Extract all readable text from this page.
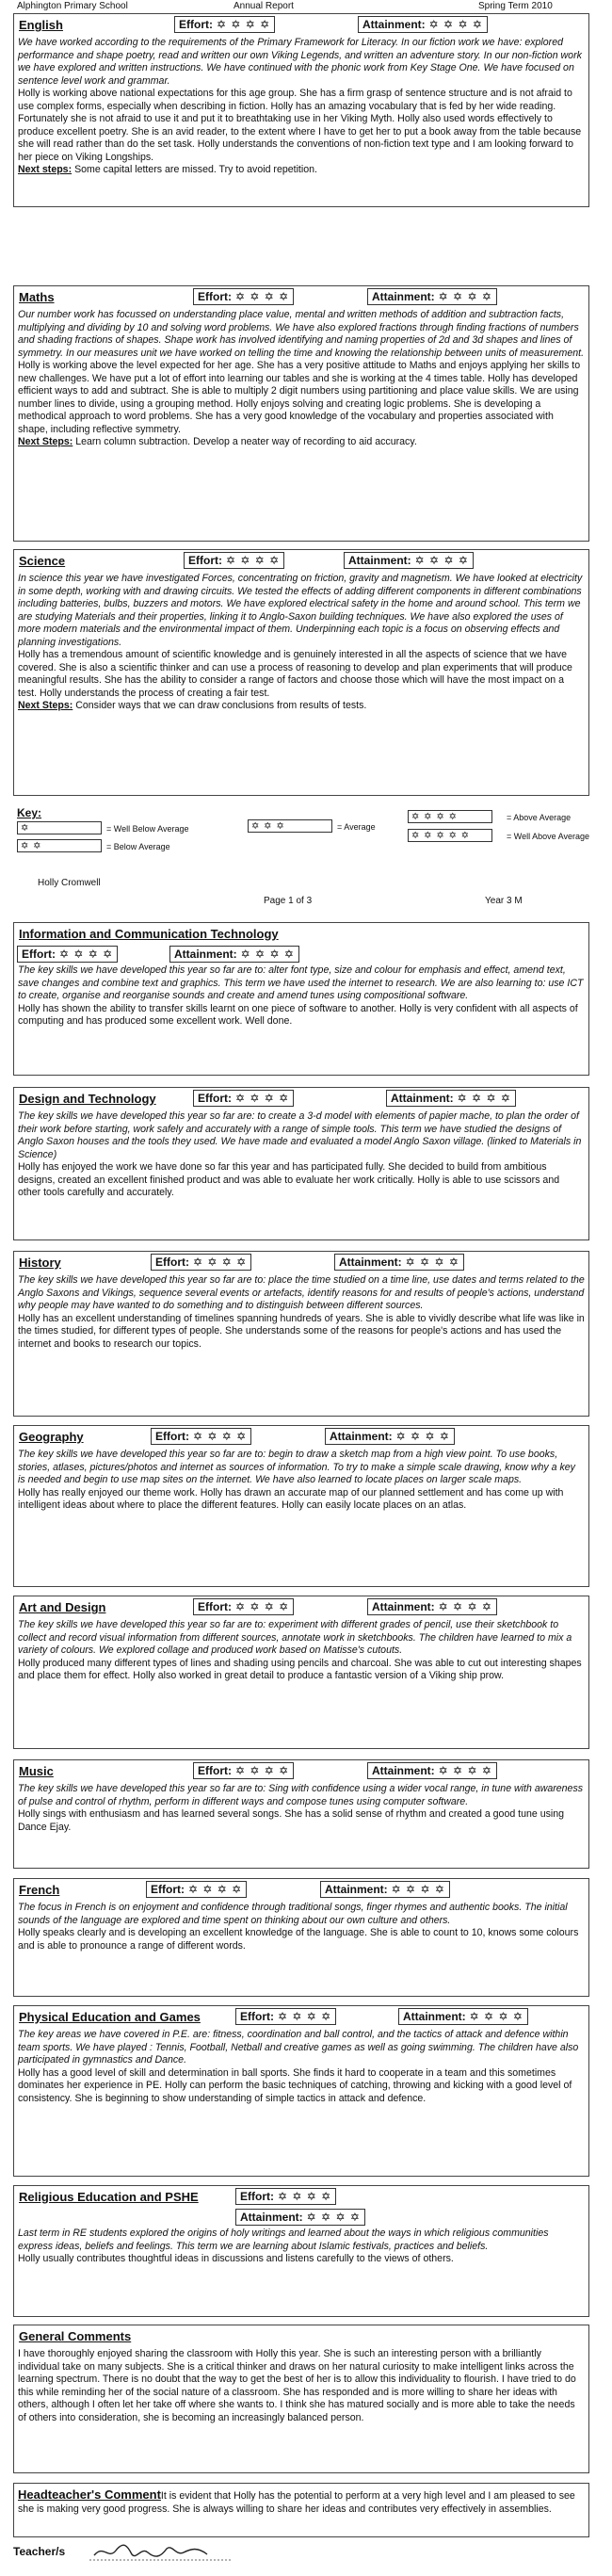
Alphington Primary School	Annual Report	Spring Term 2010
English	Effort: ✡ ✡ ✡ ✡	Attainment: ✡ ✡ ✡ ✡

We have worked according to the requirements of the Primary Framework for Literacy. In our fiction work we have: explored performance and shape poetry, read and written our own Viking Legends, and written an adventure story. In our non-fiction work we have explored and written instructions. We have continued with the phonic work from Key Stage One. We have focused on sentence level work and grammar.

Holly is working above national expectations for this age group. She has a firm grasp of sentence structure and is not afraid to use complex forms, especially when describing in fiction. Holly has an amazing vocabulary that is fed by her wide reading. Fortunately she is not afraid to use it and put it to breathtaking use in her Viking Myth. Holly also used words effectively to produce excellent poetry. She is an avid reader, to the extent where I have to get her to put a book away from the table because she will read rather than do the set task. Holly understands the conventions of non-fiction text type and I am looking forward to her piece on Viking Longships.

Next steps: Some capital letters are missed. Try to avoid repetition.

Maths	Effort: ✡ ✡ ✡ ✡	Attainment: ✡ ✡ ✡ ✡

Our number work has focussed on understanding place value, mental and written methods of addition and subtraction facts, multiplying and dividing by 10 and solving word problems. We have also explored fractions through finding fractions of numbers and shading fractions of shapes. Shape work has involved identifying and naming properties of 2d and 3d shapes and lines of symmetry. In our measures unit we have worked on telling the time and knowing the relationship between units of measurement.

Holly is working above the level expected for her age. She has a very positive attitude to Maths and enjoys applying her skills to new challenges. We have put a lot of effort into learning our tables and she is working at the 4 times table. Holly has developed efficient ways to add and subtract. She is able to multiply 2 digit numbers using partitioning and place value skills. We are using number lines to divide, using a grouping method. Holly enjoys solving and creating logic problems. She is developing a methodical approach to word problems. She has a very good knowledge of the vocabulary and properties associated with shape, including reflective symmetry.

Next Steps: Learn column subtraction. Develop a neater way of recording to aid accuracy.

Science	Effort: ✡ ✡ ✡ ✡	Attainment: ✡ ✡ ✡ ✡

In science this year we have investigated Forces, concentrating on friction, gravity and magnetism. We have looked at electricity in some depth, working with and drawing circuits. We tested the effects of adding different components in different combinations including batteries, bulbs, buzzers and motors. We have explored electrical safety in the home and around school. This term we are studying Materials and their properties, linking it to Anglo-Saxon building techniques. We have also explored the uses of more modern materials and the environmental impact of them. Underpinning each topic is a focus on observing effects and planning investigations.

Holly has a tremendous amount of scientific knowledge and is genuinely interested in all the aspects of science that we have covered. She is also a scientific thinker and can use a process of reasoning to develop and plan experiments that will produce meaningful results. She has the ability to consider a range of factors and choose those which will have the most impact on a test. Holly understands the process of creating a fair test.

Next Steps: Consider ways that we can draw conclusions from results of tests.

Key:
✡	= Well Below Average
✡ ✡	= Below Average
✡ ✡ ✡	= Average
✡ ✡ ✡ ✡	= Above Average
✡ ✡ ✡ ✡ ✡	= Well Above Average
Holly Cromwell
Page 1 of 3	Year 3 M
Information and Communication Technology
Effort: ✡ ✡ ✡ ✡	Attainment: ✡ ✡ ✡ ✡

The key skills we have developed this year so far are to: alter font type, size and colour for emphasis and effect, amend text, save changes and combine text and graphics. This term we have used the internet to research. We are also learning to: use ICT to create, organise and reorganise sounds and create and amend tunes using compositional software.

Holly has shown the ability to transfer skills learnt on one piece of software to another. Holly is very confident with all aspects of computing and has produced some excellent work. Well done.

Design and Technology	Effort: ✡ ✡ ✡ ✡	Attainment: ✡ ✡ ✡ ✡

The key skills we have developed this year so far are: to create a 3-d model with elements of papier mache, to plan the order of their work before starting, work safely and accurately with a range of simple tools. This term we have studied the designs of Anglo Saxon houses and the tools they used. We have made and evaluated a model Anglo Saxon village. (linked to Materials in Science)

Holly has enjoyed the work we have done so far this year and has participated fully. She decided to build from ambitious designs, created an excellent finished product and was able to evaluate her work critically. Holly is able to use scissors and other tools carefully and accurately.

History	Effort: ✡ ✡ ✡ ✡	Attainment: ✡ ✡ ✡ ✡

The key skills we have developed this year so far are to: place the time studied on a time line, use dates and terms related to the Anglo Saxons and Vikings, sequence several events or artefacts, identify reasons for and results of people's actions, understand why people may have wanted to do something and to distinguish between different sources.

Holly has an excellent understanding of timelines spanning hundreds of years. She is able to vividly describe what life was like in the times studied, for different types of people. She understands some of the reasons for people's actions and has used the internet and books to research our topics.

Geography	Effort: ✡ ✡ ✡ ✡	Attainment: ✡ ✡ ✡ ✡

The key skills we have developed this year so far are to: begin to draw a sketch map from a high view point. To use books, stories, atlases, pictures/photos and internet as sources of information. To try to make a simple scale drawing, know why a key is needed and begin to use map sites on the internet. We have also learned to locate places on larger scale maps.

Holly has really enjoyed our theme work. Holly has drawn an accurate map of our planned settlement and has come up with intelligent ideas about where to place the different features. Holly can easily locate places on an atlas.

Art and Design	Effort: ✡ ✡ ✡ ✡	Attainment: ✡ ✡ ✡ ✡

The key skills we have developed this year so far are to: experiment with different grades of pencil, use their sketchbook to collect and record visual information from different sources, annotate work in sketchbooks. The children have learned to mix a variety of colours. We explored collage and produced work based on Matisse's cutouts.

Holly produced many different types of lines and shading using pencils and charcoal. She was able to cut out interesting shapes and place them for effect. Holly also worked in great detail to produce a fantastic version of a Viking ship prow.

Music	Effort: ✡ ✡ ✡ ✡	Attainment: ✡ ✡ ✡ ✡

The key skills we have developed this year so far are to: Sing with confidence using a wider vocal range, in tune with awareness of pulse and control of rhythm, perform in different ways and compose tunes using computer software.

Holly sings with enthusiasm and has learned several songs. She has a solid sense of rhythm and created a good tune using Dance Ejay.

French	Effort: ✡ ✡ ✡ ✡	Attainment: ✡ ✡ ✡ ✡

The focus in French is on enjoyment and confidence through traditional songs, finger rhymes and authentic books. The initial sounds of the language are explored and time spent on thinking about our own culture and others.

Holly speaks clearly and is developing an excellent knowledge of the language. She is able to count to 10, knows some colours and is able to pronounce a range of different words.

Physical Education and Games	Effort: ✡ ✡ ✡ ✡	Attainment: ✡ ✡ ✡ ✡

The key areas we have covered in P.E. are: fitness, coordination and ball control, and the tactics of attack and defence within team sports. We have played : Tennis, Football, Netball and creative games as well as going swimming. The children have also participated in gymnastics and Dance.

Holly has a good level of skill and determination in ball sports. She finds it hard to cooperate in a team and this sometimes dominates her experience in PE. Holly can perform the basic techniques of catching, throwing and kicking with a good level of consistency. She is beginning to show understanding of simple tactics in attack and defence.

Religious Education and PSHE	Effort: ✡ ✡ ✡ ✡
Attainment: ✡ ✡ ✡ ✡

Last term in RE students explored the origins of holy writings and learned about the ways in which religious communities express ideas, beliefs and feelings. This term we are learning about Islamic festivals, practices and beliefs.

Holly usually contributes thoughtful ideas in discussions and listens carefully to the views of others.

General Comments

I have thoroughly enjoyed sharing the classroom with Holly this year. She is such an interesting person with a brilliantly individual take on many subjects. She is a critical thinker and draws on her natural curiosity to make intelligent links across the learning spectrum. There is no doubt that the way to get the best of her is to allow this individuality to flourish. I have tried to do this while reminding her of the social nature of a classroom. She has responded and is more willing to share her ideas with others, although I often let her take off where she wants to. I think she has matured socially and is more able to take the needs of others into consideration, she is becoming an increasingly balanced person.

Headteacher's CommentIt is evident that Holly has the potential to perform at a very high level and I am pleased to see she is making very good progress. She is always willing to share her ideas and contributes very effectively in assemblies.

Teacher/s
